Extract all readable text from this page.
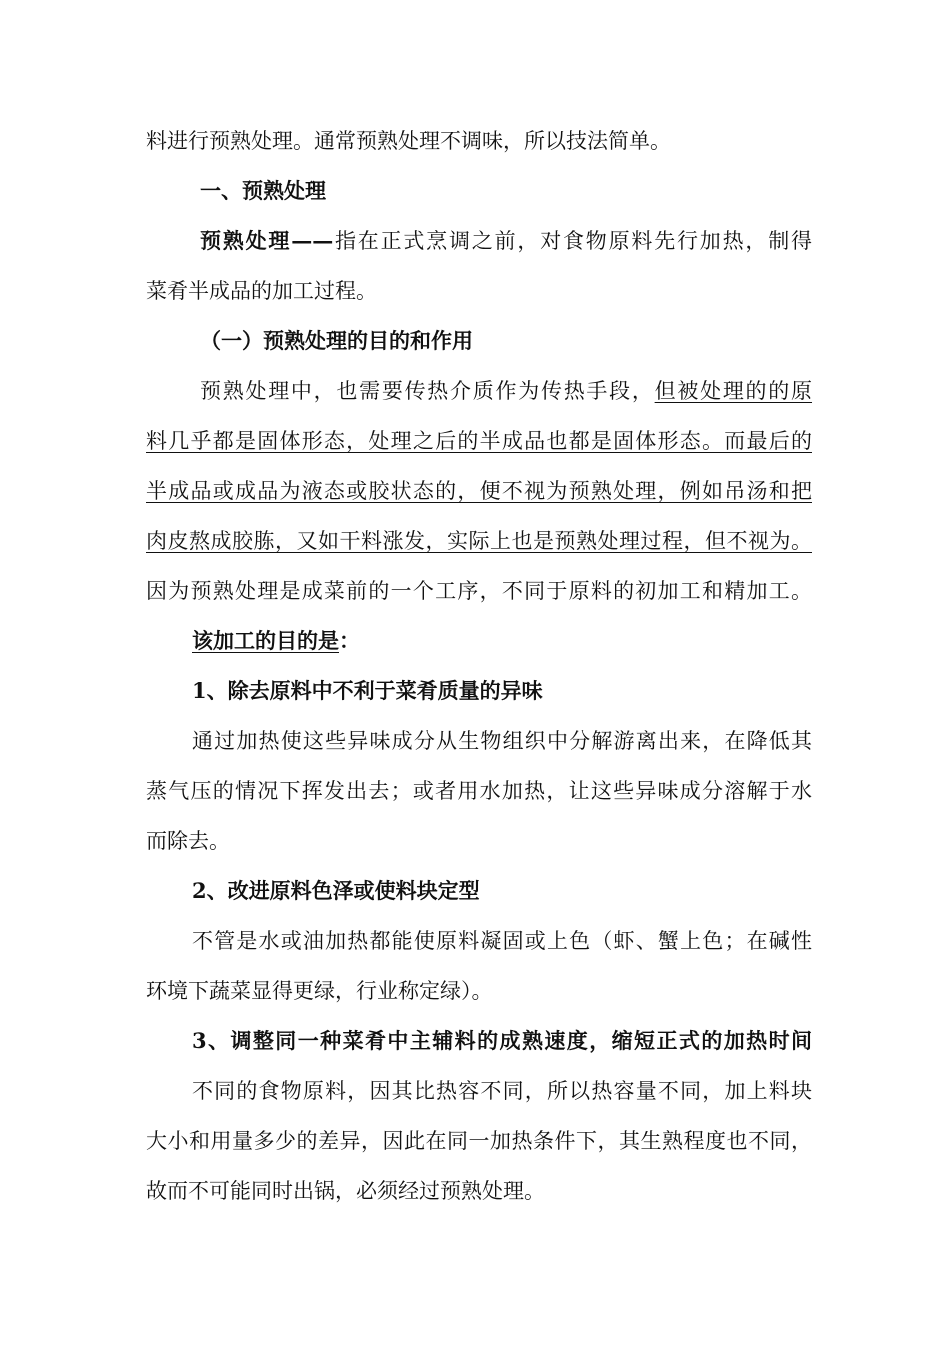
料进行预熟处理。通常预熟处理不调味，所以技法简单。
一、预熟处理
预熟处理——指在正式烹调之前，对食物原料先行加热，制得
菜肴半成品的加工过程。
（一）预熟处理的目的和作用
预熟处理中，也需要传热介质作为传热手段，但被处理的的原
料几乎都是固体形态，处理之后的半成品也都是固体形态。而最后的
半成品或成品为液态或胶状态的，便不视为预熟处理，例如吊汤和把
肉皮熬成胶胨，又如干料涨发，实际上也是预熟处理过程，但不视为。
因为预熟处理是成菜前的一个工序，不同于原料的初加工和精加工。
该加工的目的是：
1、除去原料中不利于菜肴质量的异味
通过加热使这些异味成分从生物组织中分解游离出来，在降低其
蒸气压的情况下挥发出去；或者用水加热，让这些异味成分溶解于水
而除去。
2、改进原料色泽或使料块定型
不管是水或油加热都能使原料凝固或上色（虾、蟹上色；在碱性
环境下蔬菜显得更绿，行业称定绿）。
3、调整同一种菜肴中主辅料的成熟速度，缩短正式的加热时间
不同的食物原料，因其比热容不同，所以热容量不同，加上料块
大小和用量多少的差异，因此在同一加热条件下，其生熟程度也不同，
故而不可能同时出锅，必须经过预熟处理。
